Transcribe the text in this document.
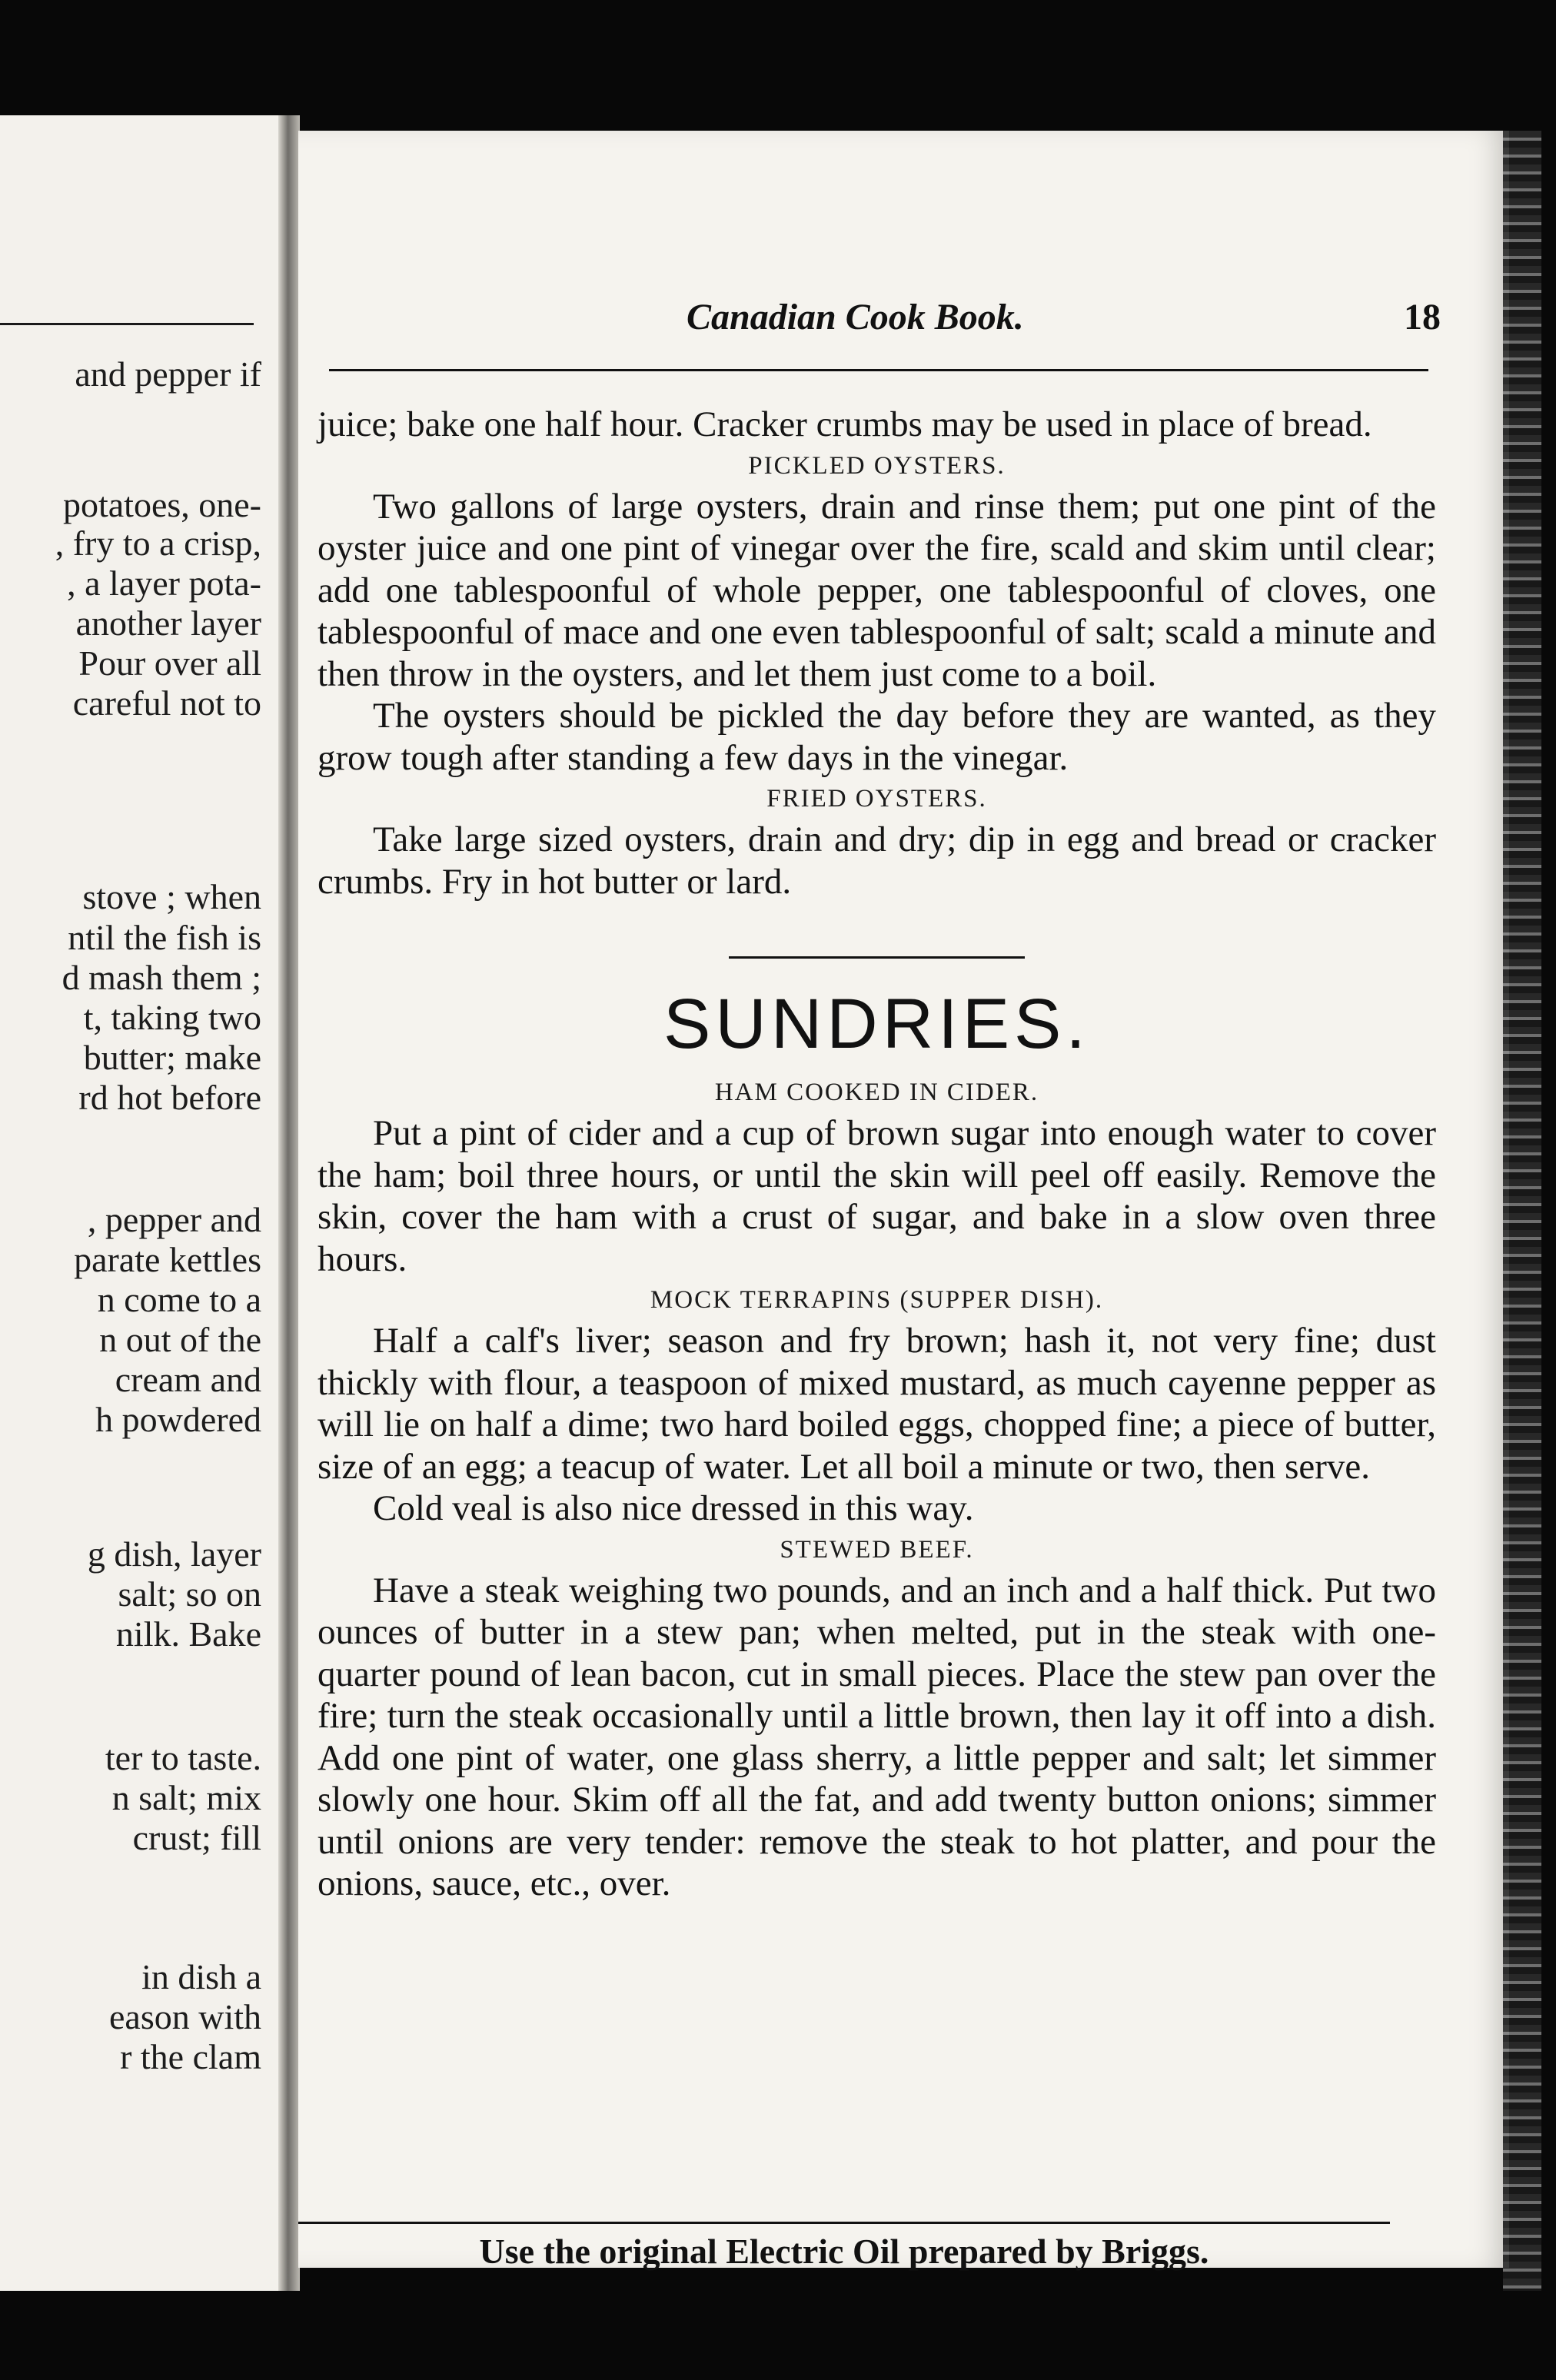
and pepper if
potatoes, one-
, fry to a crisp,
, a layer pota-
another layer
Pour over all
careful not to
stove ; when
ntil the fish is
d mash them ;
t, taking two
butter; make
rd hot before
, pepper and
parate kettles
n come to a
n out of the
cream and
h powdered
g dish, layer
salt; so on
nilk. Bake
ter to taste.
n salt; mix
crust; fill
in dish a
eason with
r the clam
Canadian Cook Book.	18

juice; bake one half hour. Cracker crumbs may be used in place of bread.

PICKLED OYSTERS.

Two gallons of large oysters, drain and rinse them; put one pint of the oyster juice and one pint of vinegar over the fire, scald and skim until clear; add one tablespoonful of whole pepper, one tablespoonful of cloves, one tablespoonful of mace and one even tablespoonful of salt; scald a minute and then throw in the oysters, and let them just come to a boil.

The oysters should be pickled the day before they are wanted, as they grow tough after standing a few days in the vinegar.

FRIED OYSTERS.

Take large sized oysters, drain and dry; dip in egg and bread or cracker crumbs. Fry in hot butter or lard.

SUNDRIES.
HAM COOKED IN CIDER.

Put a pint of cider and a cup of brown sugar into enough water to cover the ham; boil three hours, or until the skin will peel off easily. Remove the skin, cover the ham with a crust of sugar, and bake in a slow oven three hours.

MOCK TERRAPINS (SUPPER DISH).

Half a calf's liver; season and fry brown; hash it, not very fine; dust thickly with flour, a teaspoon of mixed mustard, as much cayenne pepper as will lie on half a dime; two hard boiled eggs, chopped fine; a piece of butter, size of an egg; a teacup of water. Let all boil a minute or two, then serve.

Cold veal is also nice dressed in this way.

STEWED BEEF.

Have a steak weighing two pounds, and an inch and a half thick. Put two ounces of butter in a stew pan; when melted, put in the steak with one-quarter pound of lean bacon, cut in small pieces. Place the stew pan over the fire; turn the steak occasionally until a little brown, then lay it off into a dish. Add one pint of water, one glass sherry, a little pepper and salt; let simmer slowly one hour. Skim off all the fat, and add twenty button onions; simmer until onions are very tender: remove the steak to hot platter, and pour the onions, sauce, etc., over.

Use the original Electric Oil prepared by Briggs.
